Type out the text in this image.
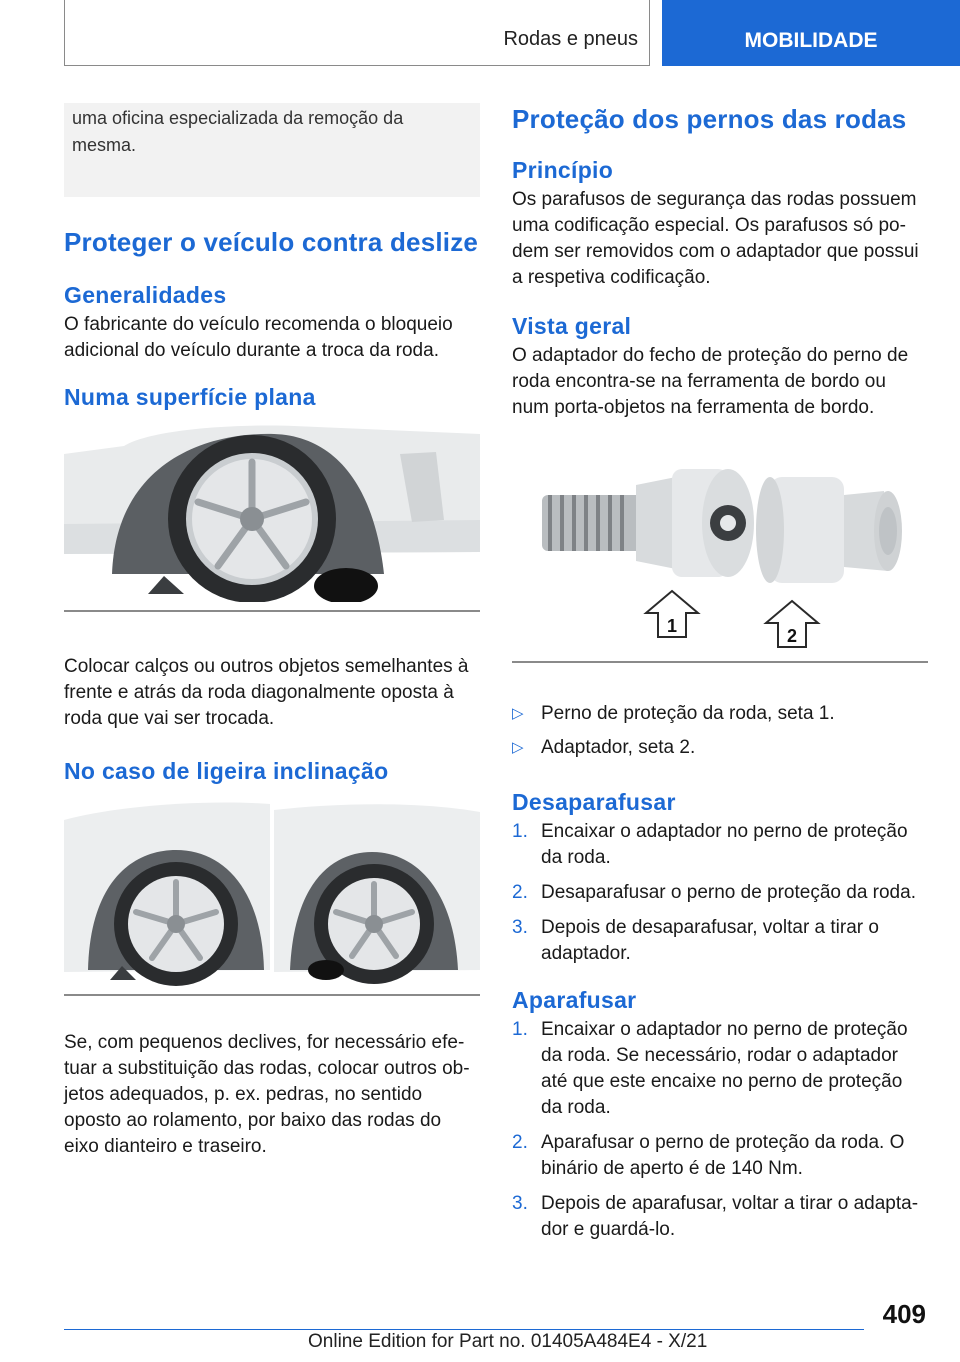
Rodas e pneus	MOBILIDADE
uma oficina especializada da remoção da mesma.
Proteger o veículo contra deslize
Generalidades

O fabricante do veículo recomenda o bloqueio adicional do veículo durante a troca da roda.

Numa superfície plana

Colocar calços ou outros objetos semelhantes à frente e atrás da roda diagonalmente oposta à roda que vai ser trocada.

No caso de ligeira inclinação

Se, com pequenos declives, for necessário efetuar a substituição das rodas, colocar outros objetos adequados, p. ex. pedras, no sentido oposto ao rolamento, por baixo das rodas do eixo dianteiro e traseiro.

Proteção dos pernos das rodas
Princípio

Os parafusos de segurança das rodas possuem uma codificação especial. Os parafusos só podem ser removidos com o adaptador que possui a respetiva codificação.

Vista geral

O adaptador do fecho de proteção do perno de roda encontra-se na ferramenta de bordo ou num porta-objetos na ferramenta de bordo.

1	2
▷ Perno de proteção da roda, seta 1.
▷ Adaptador, seta 2.
Desaparafusar
1. Encaixar o adaptador no perno de proteção da roda.
2. Desaparafusar o perno de proteção da roda.
3. Depois de desaparafusar, voltar a tirar o adaptador.
Aparafusar
1. Encaixar o adaptador no perno de proteção da roda. Se necessário, rodar o adaptador até que este encaixe no perno de proteção da roda.
2. Aparafusar o perno de proteção da roda. O binário de aperto é de 140 Nm.
3. Depois de aparafusar, voltar a tirar o adaptador e guardá-lo.
409
Online Edition for Part no. 01405A484E4 - X/21
